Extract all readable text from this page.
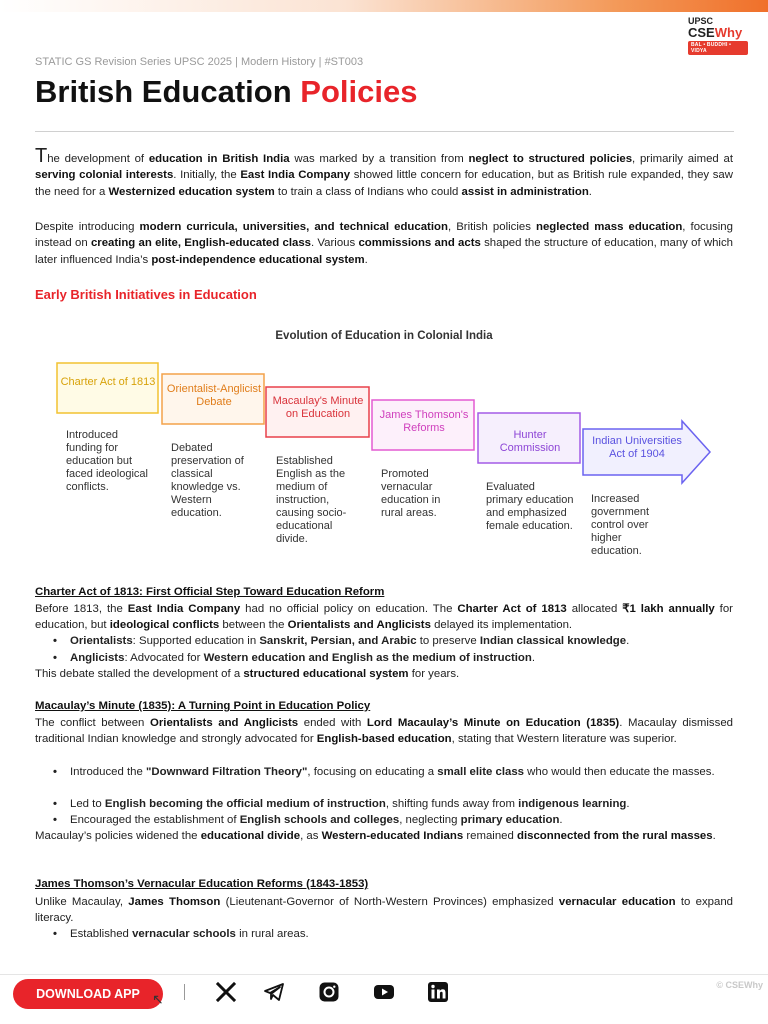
UPSC
CSEWhy
BAL • BUDDHI • VIDYA
STATIC GS Revision Series UPSC 2025 | Modern History | #ST003
British Education Policies
The development of education in British India was marked by a transition from neglect to structured policies, primarily aimed at serving colonial interests. Initially, the East India Company showed little concern for education, but as British rule expanded, they saw the need for a Westernized education system to train a class of Indians who could assist in administration.
Despite introducing modern curricula, universities, and technical education, British policies neglected mass education, focusing instead on creating an elite, English-educated class. Various commissions and acts shaped the structure of education, many of which later influenced India’s post-independence educational system.
Early British Initiatives in Education
Evolution of Education in Colonial India
Charter Act of 1813
Orientalist-Anglicist Debate	Macaulay's Minute on Education	James Thomson's Reforms
Hunter Commission
Indian Universities Act of 1904
Introduced funding for education but faced ideological conflicts.
Debated preservation of classical knowledge vs. Western education.
Established English as the medium of instruction, causing socio-educational divide.
Promoted vernacular education in rural areas.
Evaluated primary education and emphasized female education.
Increased government control over higher education.
Charter Act of 1813: First Official Step Toward Education Reform
Before 1813, the East India Company had no official policy on education. The Charter Act of 1813 allocated ₹1 lakh annually for education, but ideological conflicts between the Orientalists and Anglicists delayed its implementation.
• Orientalists: Supported education in Sanskrit, Persian, and Arabic to preserve Indian classical knowledge.
• Anglicists: Advocated for Western education and English as the medium of instruction.
This debate stalled the development of a structured educational system for years.
Macaulay’s Minute (1835): A Turning Point in Education Policy
The conflict between Orientalists and Anglicists ended with Lord Macaulay’s Minute on Education (1835). Macaulay dismissed traditional Indian knowledge and strongly advocated for English-based education, stating that Western literature was superior.
• Introduced the "Downward Filtration Theory", focusing on educating a small elite class who would then educate the masses.
• Led to English becoming the official medium of instruction, shifting funds away from indigenous learning.
• Encouraged the establishment of English schools and colleges, neglecting primary education.
Macaulay’s policies widened the educational divide, as Western-educated Indians remained disconnected from the rural masses.
James Thomson’s Vernacular Education Reforms (1843-1853)
Unlike Macaulay, James Thomson (Lieutenant-Governor of North-Western Provinces) emphasized vernacular education to expand literacy.
• Established vernacular schools in rural areas.
DOWNLOAD APP ↖
© CSEWhy
